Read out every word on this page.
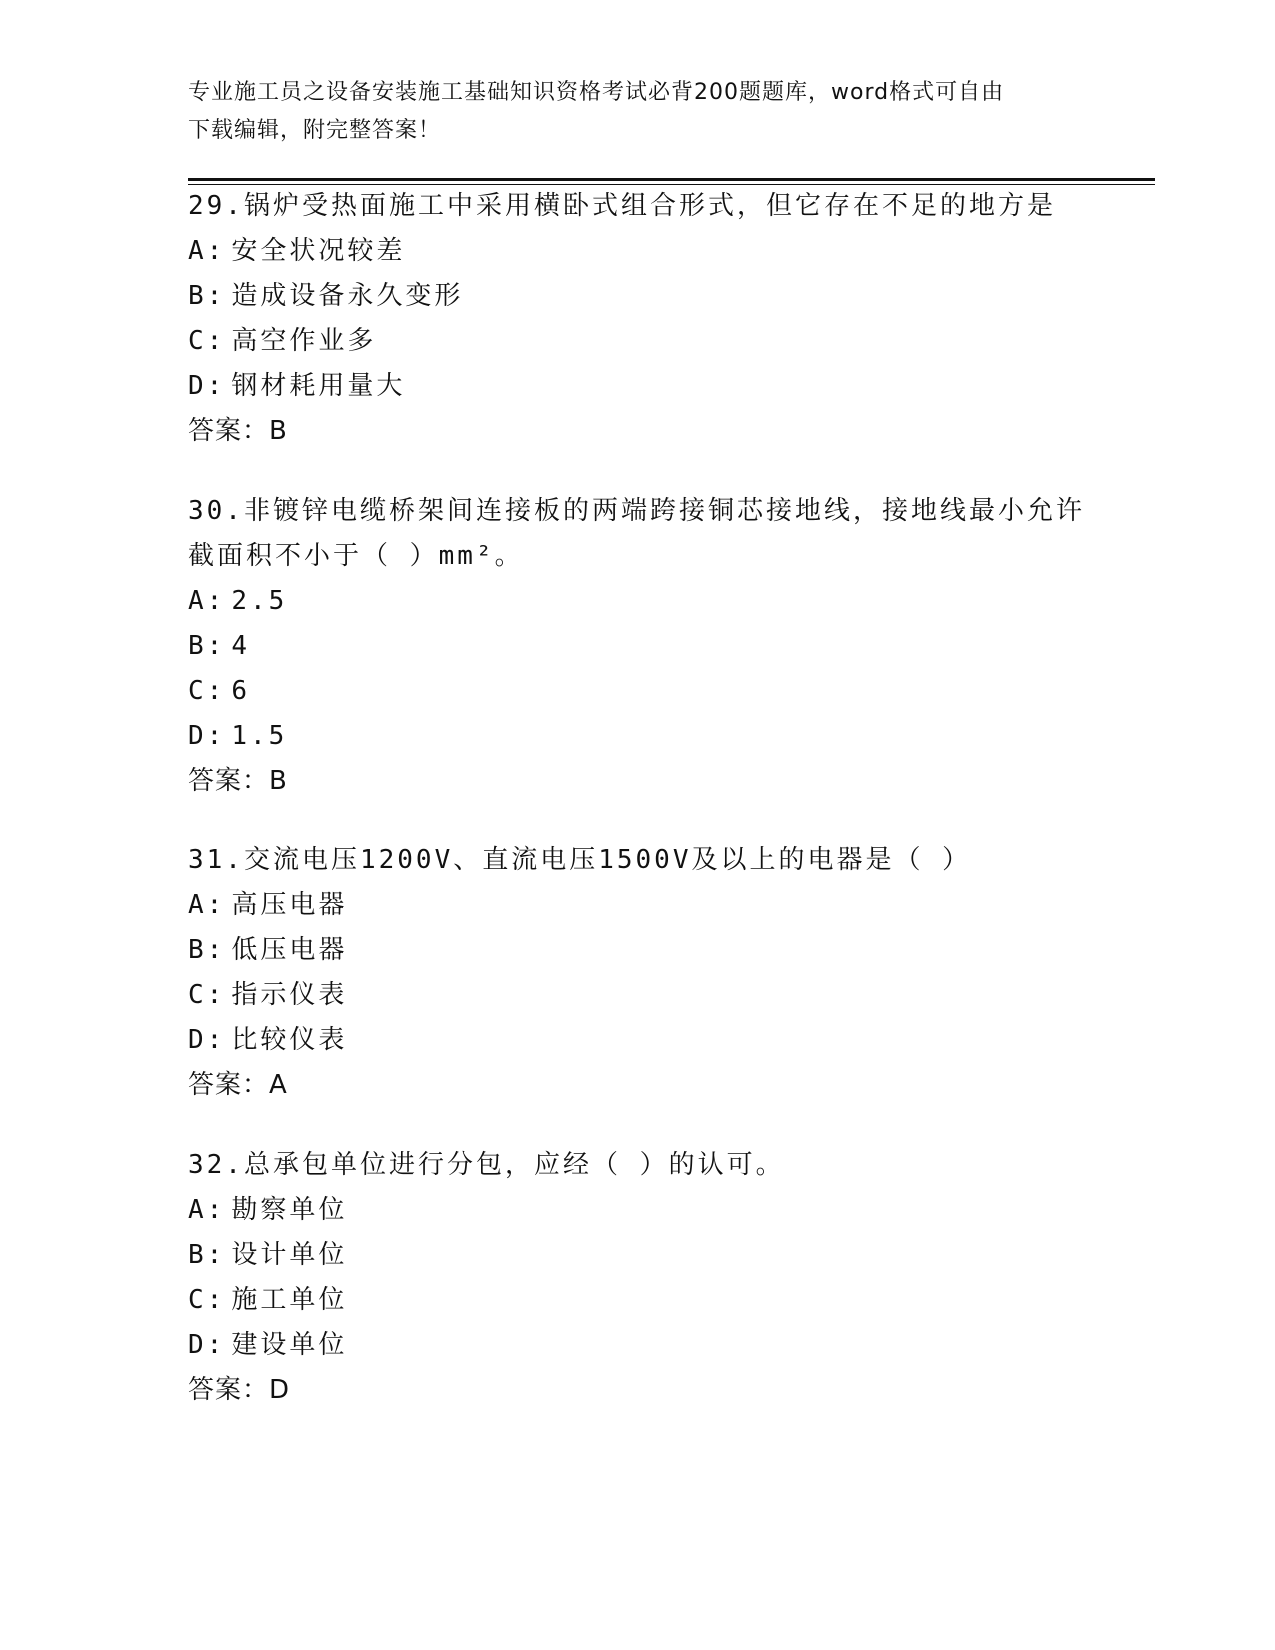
专业施工员之设备安装施工基础知识资格考试必背200题题库，word格式可自由
下载编辑，附完整答案！

29.锅炉受热面施工中采用横卧式组合形式，但它存在不足的地方是

A: 安全状况较差

B: 造成设备永久变形

C: 高空作业多

D: 钢材耗用量大

答案：B

30.非镀锌电缆桥架间连接板的两端跨接铜芯接地线，接地线最小允许

截面积不小于（ ）mm²。

A: 2.5

B: 4

C: 6

D: 1.5

答案：B

31.交流电压1200V、直流电压1500V及以上的电器是（ ）

A: 高压电器

B: 低压电器

C: 指示仪表

D: 比较仪表

答案：A

32.总承包单位进行分包，应经（ ）的认可。

A: 勘察单位

B: 设计单位

C: 施工单位

D: 建设单位

答案：D
